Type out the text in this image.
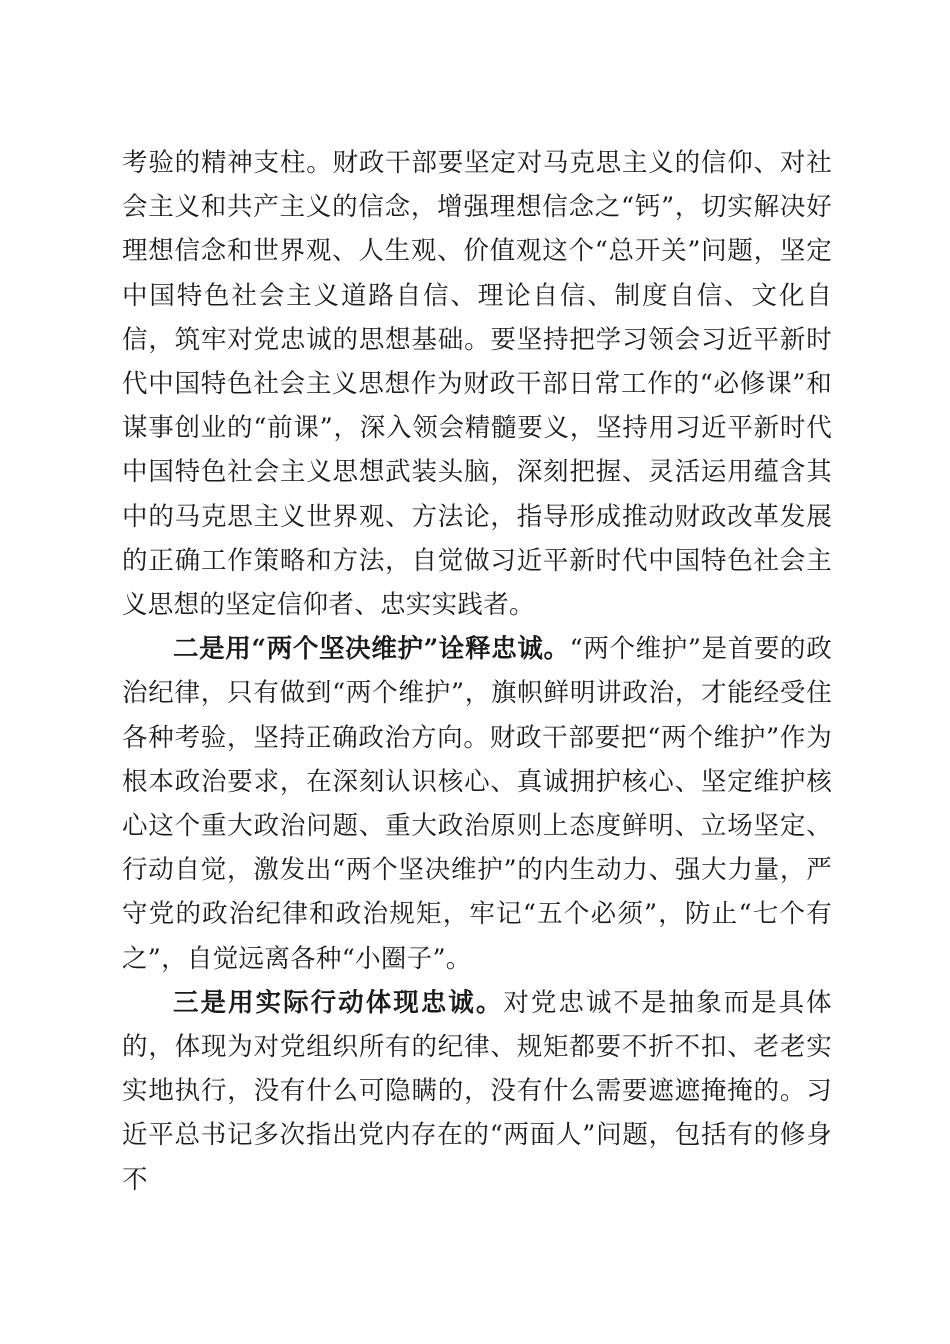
考验的精神支柱。财政干部要坚定对马克思主义的信仰、对社会主义和共产主义的信念，增强理想信念之“钙”，切实解决好理想信念和世界观、人生观、价值观这个“总开关”问题，坚定中国特色社会主义道路自信、理论自信、制度自信、文化自信，筑牢对党忠诚的思想基础。要坚持把学习领会习近平新时代中国特色社会主义思想作为财政干部日常工作的“必修课”和谋事创业的“前课”，深入领会精髓要义，坚持用习近平新时代中国特色社会主义思想武装头脑，深刻把握、灵活运用蕴含其中的马克思主义世界观、方法论，指导形成推动财政改革发展的正确工作策略和方法，自觉做习近平新时代中国特色社会主义思想的坚定信仰者、忠实实践者。

二是用“两个坚决维护”诠释忠诚。“两个维护”是首要的政治纪律，只有做到“两个维护”，旗帜鲜明讲政治，才能经受住各种考验，坚持正确政治方向。财政干部要把“两个维护”作为根本政治要求，在深刻认识核心、真诚拥护核心、坚定维护核心这个重大政治问题、重大政治原则上态度鲜明、立场坚定、行动自觉，激发出“两个坚决维护”的内生动力、强大力量，严守党的政治纪律和政治规矩，牢记“五个必须”，防止“七个有之”，自觉远离各种“小圈子”。

三是用实际行动体现忠诚。对党忠诚不是抽象而是具体的，体现为对党组织所有的纪律、规矩都要不折不扣、老老实实地执行，没有什么可隐瞒的，没有什么需要遮遮掩掩的。习近平总书记多次指出党内存在的“两面人”问题，包括有的修身不
